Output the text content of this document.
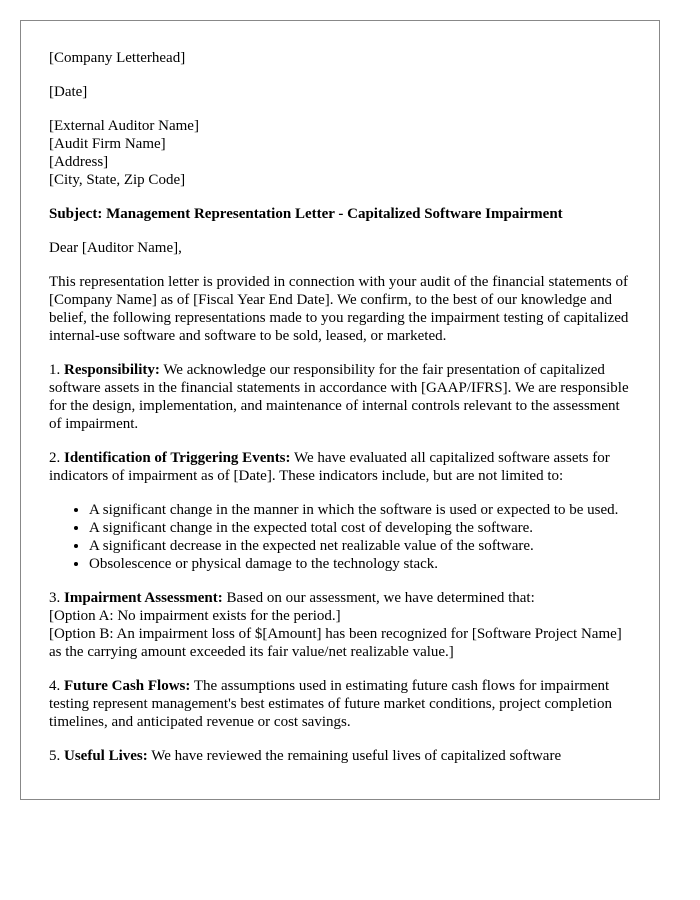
[Company Letterhead]

[Date]

[External Auditor Name]
[Audit Firm Name]
[Address]
[City, State, Zip Code]

Subject: Management Representation Letter - Capitalized Software Impairment

Dear [Auditor Name],

This representation letter is provided in connection with your audit of the financial statements of [Company Name] as of [Fiscal Year End Date]. We confirm, to the best of our knowledge and belief, the following representations made to you regarding the impairment testing of capitalized internal-use software and software to be sold, leased, or marketed.

1. Responsibility: We acknowledge our responsibility for the fair presentation of capitalized software assets in the financial statements in accordance with [GAAP/IFRS]. We are responsible for the design, implementation, and maintenance of internal controls relevant to the assessment of impairment.

2. Identification of Triggering Events: We have evaluated all capitalized software assets for indicators of impairment as of [Date]. These indicators include, but are not limited to:

• A significant change in the manner in which the software is used or expected to be used.
• A significant change in the expected total cost of developing the software.
• A significant decrease in the expected net realizable value of the software.
• Obsolescence or physical damage to the technology stack.

3. Impairment Assessment: Based on our assessment, we have determined that:
[Option A: No impairment exists for the period.]
[Option B: An impairment loss of $[Amount] has been recognized for [Software Project Name] as the carrying amount exceeded its fair value/net realizable value.]

4. Future Cash Flows: The assumptions used in estimating future cash flows for impairment testing represent management's best estimates of future market conditions, project completion timelines, and anticipated revenue or cost savings.

5. Useful Lives: We have reviewed the remaining useful lives of capitalized software
